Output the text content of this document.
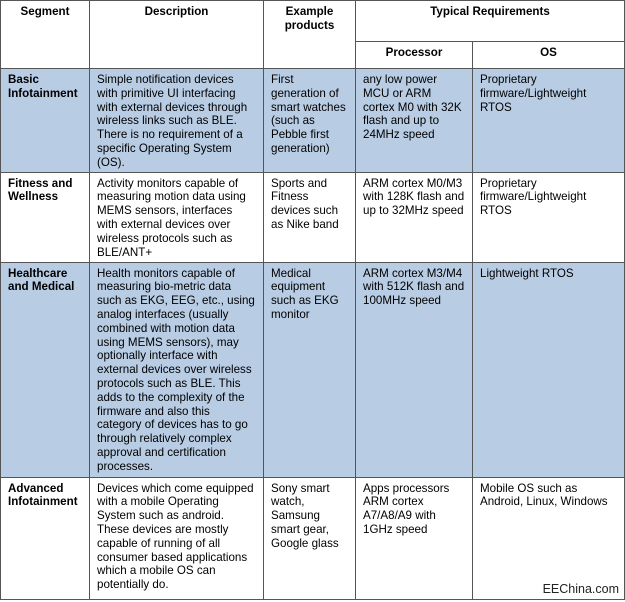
Segment	Description	Example products	Typical Requirements	
			Processor	OS
Basic Infotainment	Simple notification devices with primitive UI interfacing with external devices through wireless links such as BLE. There is no requirement of a specific Operating System (OS).	First generation of smart watches (such as Pebble first generation)	any low power MCU or ARM cortex M0 with 32K flash and up to 24MHz speed	Proprietary firmware/Lightweight RTOS
Fitness and Wellness	Activity monitors capable of measuring motion data using MEMS sensors, interfaces with external devices over wireless protocols such as BLE/ANT+	Sports and Fitness devices such as Nike band	ARM cortex M0/M3 with 128K flash and up to 32MHz speed	Proprietary firmware/Lightweight RTOS
Healthcare and Medical	Health monitors capable of measuring bio-metric data such as EKG, EEG, etc., using analog interfaces (usually combined with motion data using MEMS sensors), may optionally interface with external devices over wireless protocols such as BLE. This adds to the complexity of the firmware and also this category of devices has to go through relatively complex approval and certification processes.	Medical equipment such as EKG monitor	ARM cortex M3/M4 with 512K flash and 100MHz speed	Lightweight RTOS
Advanced Infotainment	Devices which come equipped with a mobile Operating System such as android. These devices are mostly capable of running of all consumer based applications which a mobile OS can potentially do.	Sony smart watch, Samsung smart gear, Google glass	Apps processors ARM cortex A7/A8/A9 with 1GHz speed	Mobile OS such as Android, Linux, Windows
EEChina.com
